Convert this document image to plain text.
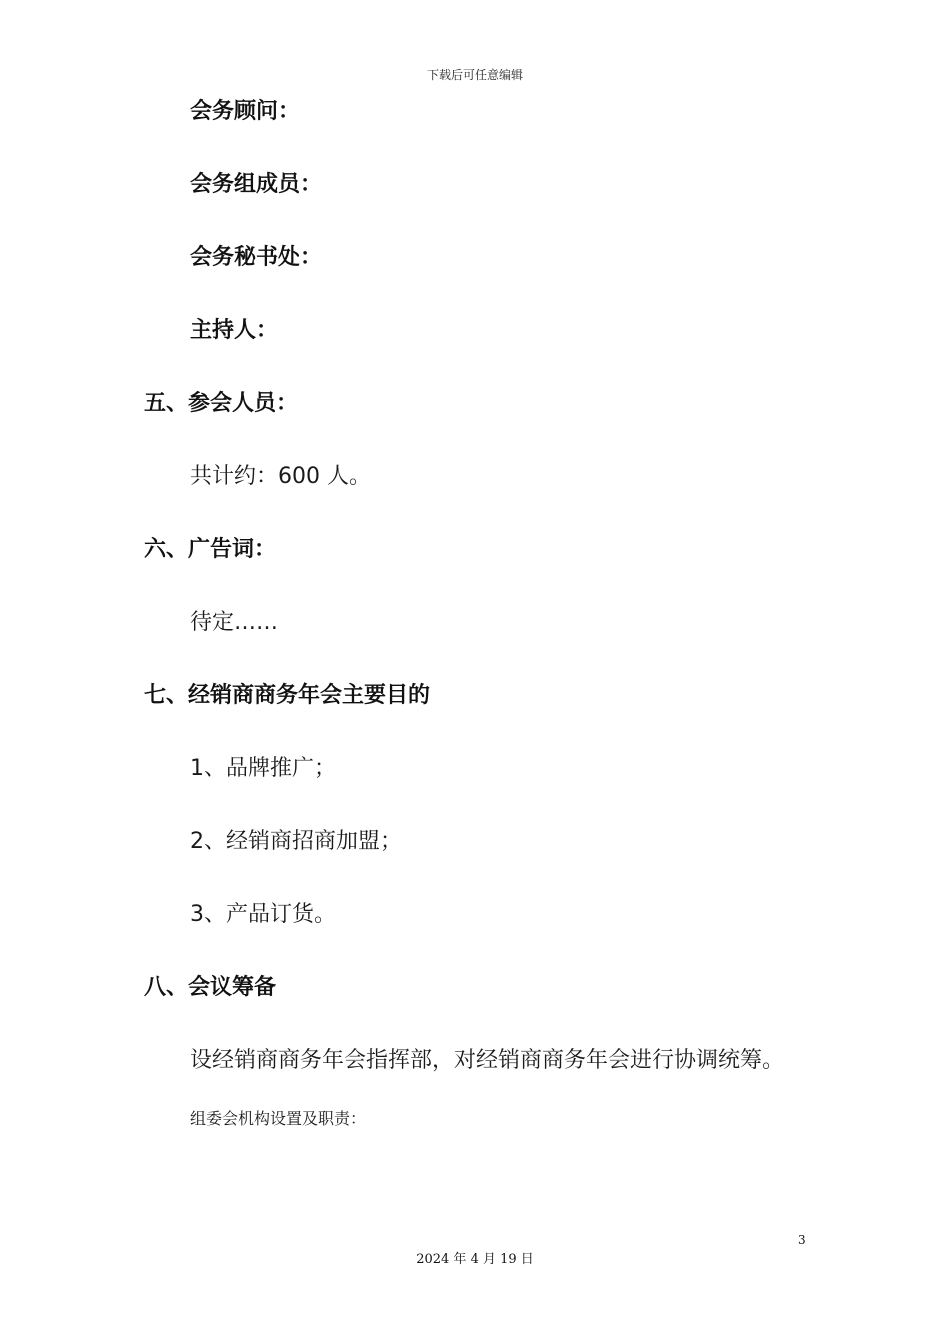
下载后可任意编辑
会务顾问：
会务组成员：
会务秘书处：
主持人：
五、参会人员：
共计约：600 人。
六、广告词：
待定……
七、经销商商务年会主要目的
1、品牌推广；
2、经销商招商加盟；
3、产品订货。
八、会议筹备
设经销商商务年会指挥部，对经销商商务年会进行协调统筹。
组委会机构设置及职责：
3
2024 年 4 月 19 日
